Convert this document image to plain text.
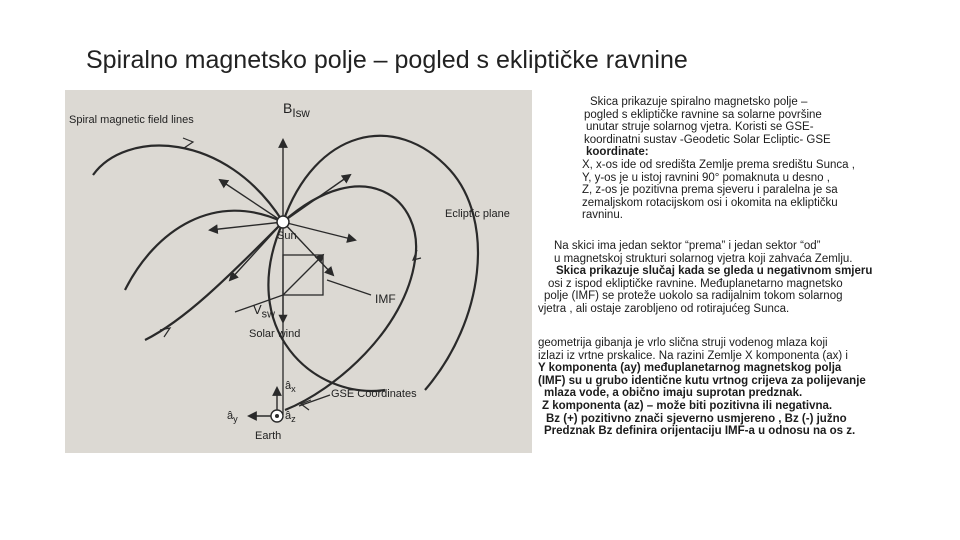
Spiralno magnetsko polje – pogled s ekliptičke ravnine
$B_{Isw}$
Spiral magnetic field lines
Ecliptic plane
Sun
IMF
$V_{sw}$
Solar wind
$â_x$
$â_y$	$â_z$
GSE Coordinates
Earth
Skica prikazuje spiralno magnetsko polje –
pogled s ekliptičke ravnine sa solarne površine
unutar struje solarnog vjetra. Koristi se GSE-
koordinatni sustav -Geodetic Solar Ecliptic- GSE
koordinate:
X, x-os ide od središta Zemlje prema središtu Sunca ,
Y, y-os je u istoj ravnini 90° pomaknuta u desno ,
Z, z-os je pozitivna prema sjeveru i paralelna je sa
zemaljskom rotacijskom osi i okomita na ekliptičku
ravninu.
Na skici ima jedan sektor “prema” i jedan sektor “od”
u magnetskoj strukturi solarnog vjetra koji zahvaća Zemlju.
Skica prikazuje slučaj kada se gleda u negativnom smjeru
osi z ispod ekliptičke ravnine. Međuplanetarno magnetsko
polje (IMF) se proteže uokolo sa radijalnim tokom solarnog
vjetra , ali ostaje zarobljeno od rotirajućeg Sunca.
geometrija gibanja je vrlo slična struji vodenog mlaza koji
izlazi iz vrtne prskalice. Na razini Zemlje X komponenta (ax) i
Y komponenta (ay) međuplanetarnog magnetskog polja
(IMF) su u grubo identične kutu vrtnog crijeva za polijevanje
mlaza vode, a obično imaju suprotan predznak.
Z komponenta (az) – može biti pozitivna ili negativna.
Bz (+) pozitivno znači sjeverno usmjereno , Bz (-) južno
Predznak Bz definira orijentaciju IMF-a u odnosu na os z.
